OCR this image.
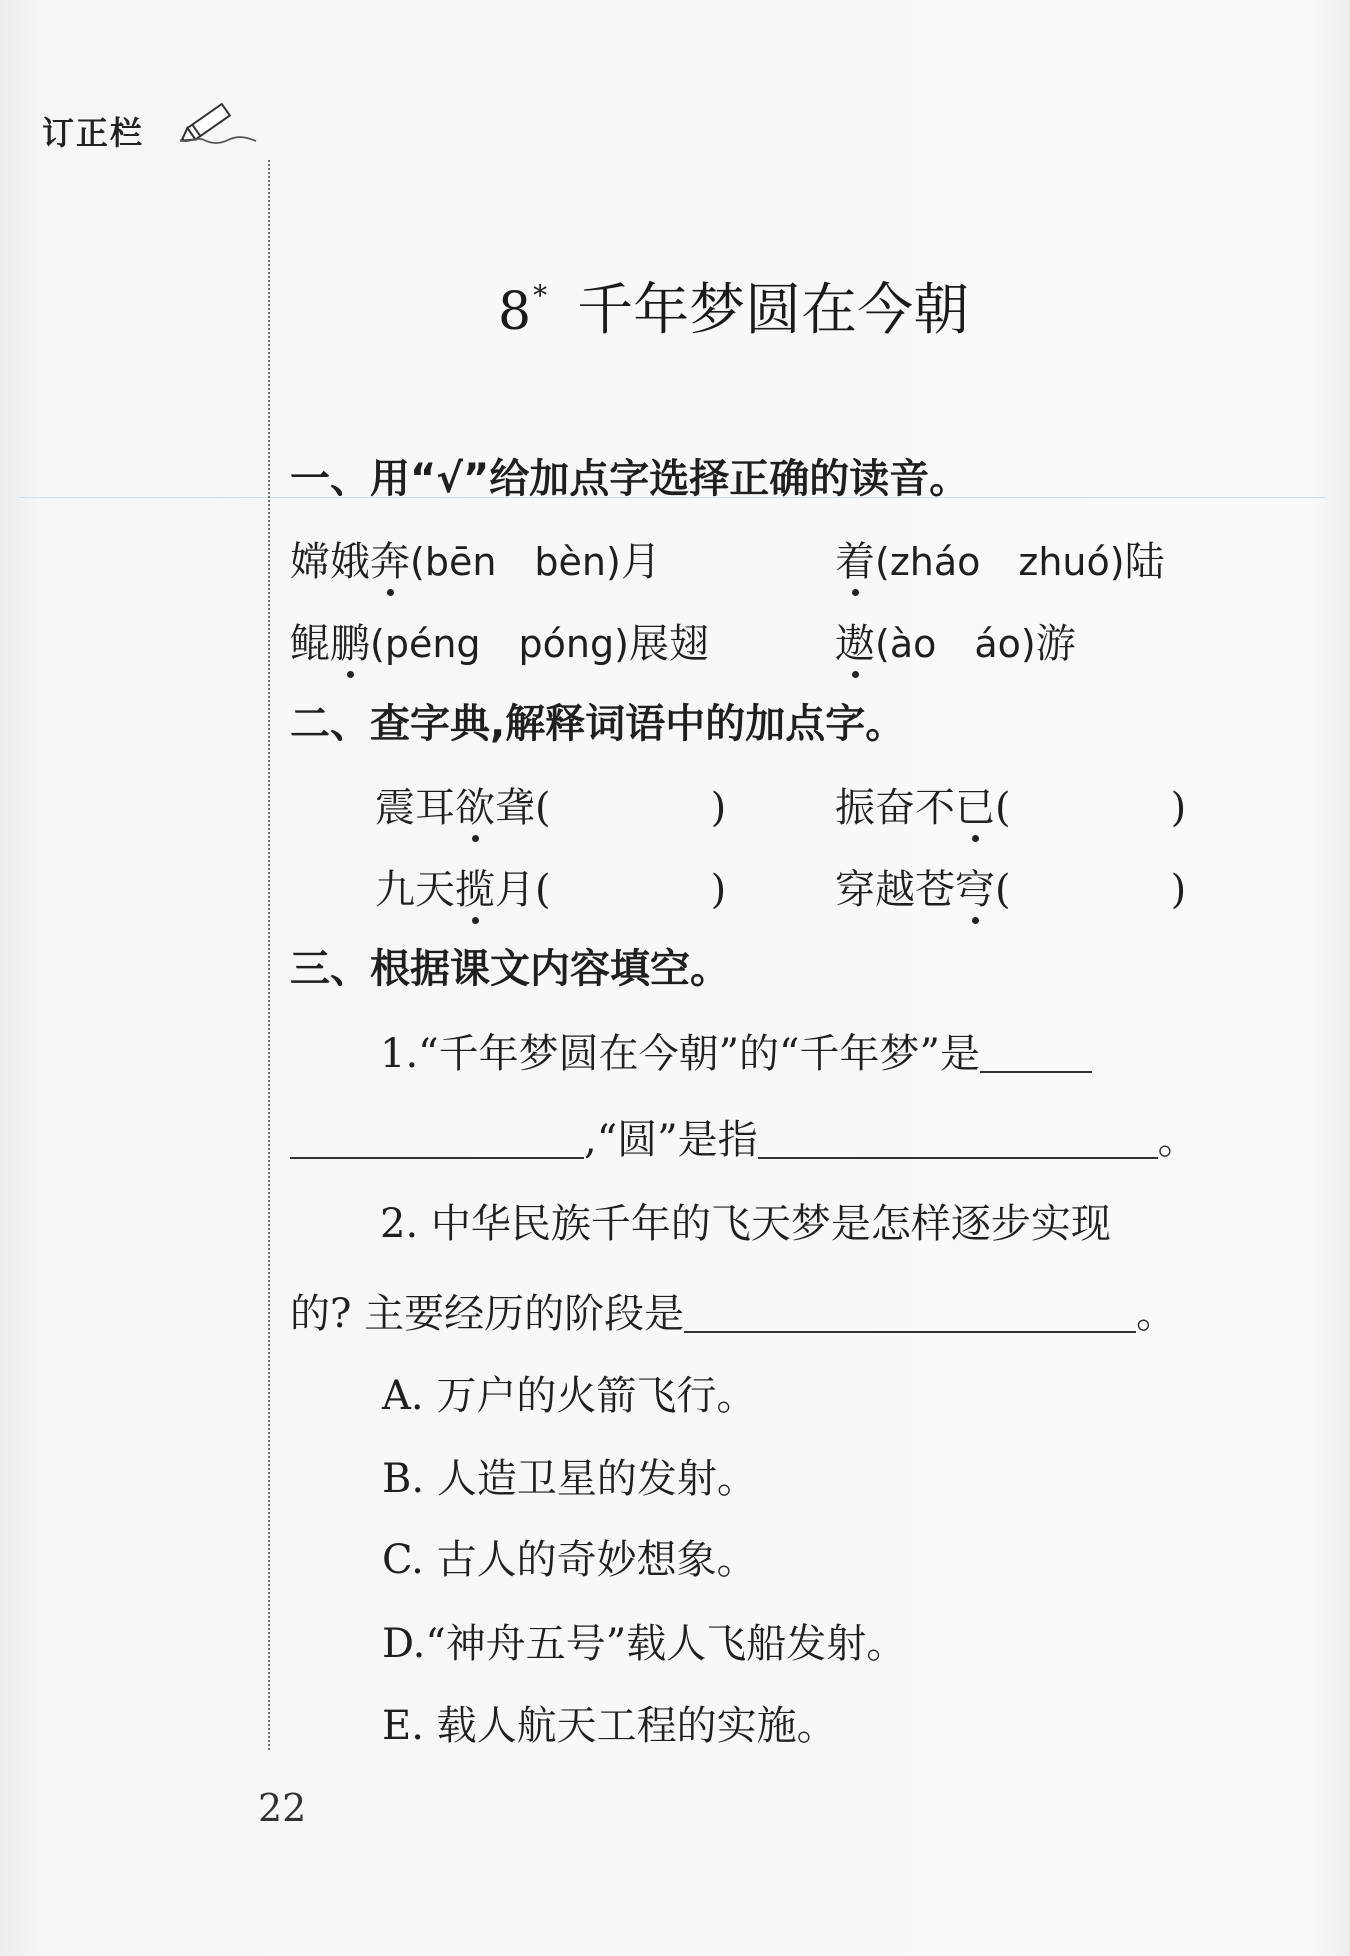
订正栏
8* 千年梦圆在今朝
一、用“√”给加点字选择正确的读音。
嫦娥奔(bēn　bèn)月	着(zháo　zhuó)陆
鲲鹏(péng　póng)展翅	遨(ào　áo)游
二、查字典,解释词语中的加点字。
震耳欲聋(　　　　)	振奋不已(　　　　)
九天揽月(　　　　)	穿越苍穹(　　　　)
三、根据课文内容填空。
1.“千年梦圆在今朝”的“千年梦”是
,“圆”是指	。
2. 中华民族千年的飞天梦是怎样逐步实现
的? 主要经历的阶段是	。
A. 万户的火箭飞行。
B. 人造卫星的发射。
C. 古人的奇妙想象。
D.“神舟五号”载人飞船发射。
E. 载人航天工程的实施。
22
